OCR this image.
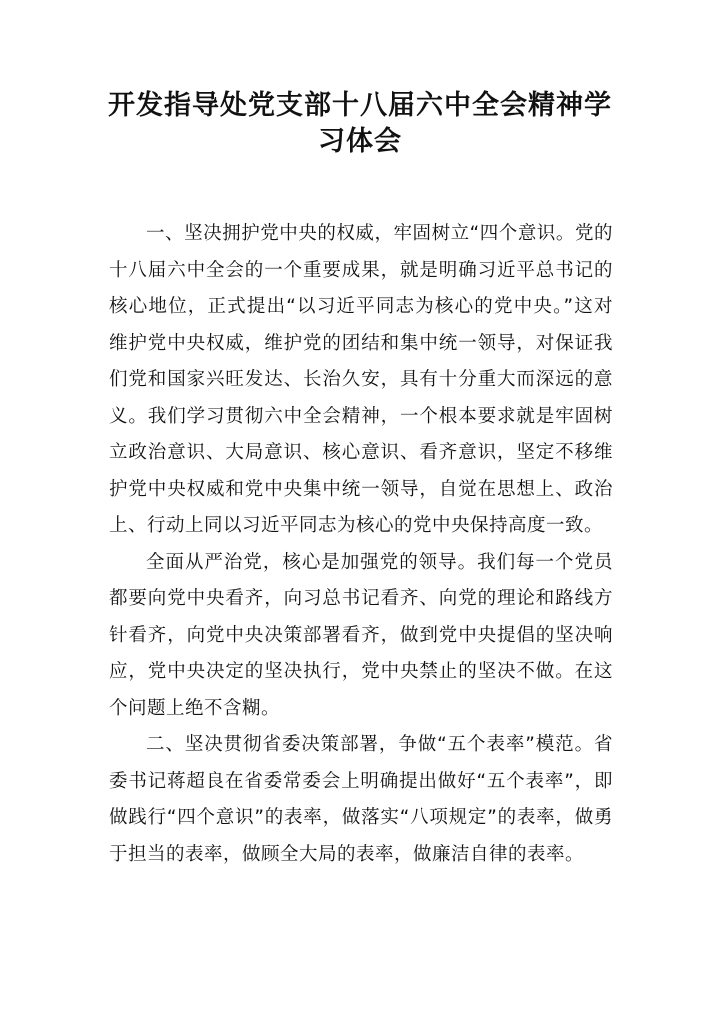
开发指导处党支部十八届六中全会精神学习体会

一、坚决拥护党中央的权威，牢固树立“四个意识。党的十八届六中全会的一个重要成果，就是明确习近平总书记的核心地位，正式提出“以习近平同志为核心的党中央。”这对维护党中央权威，维护党的团结和集中统一领导，对保证我们党和国家兴旺发达、长治久安，具有十分重大而深远的意义。我们学习贯彻六中全会精神，一个根本要求就是牢固树立政治意识、大局意识、核心意识、看齐意识，坚定不移维护党中央权威和党中央集中统一领导，自觉在思想上、政治上、行动上同以习近平同志为核心的党中央保持高度一致。

全面从严治党，核心是加强党的领导。我们每一个党员都要向党中央看齐，向习总书记看齐、向党的理论和路线方针看齐，向党中央决策部署看齐，做到党中央提倡的坚决响应，党中央决定的坚决执行，党中央禁止的坚决不做。在这个问题上绝不含糊。

二、坚决贯彻省委决策部署，争做“五个表率”模范。省委书记蒋超良在省委常委会上明确提出做好“五个表率”，即做践行“四个意识”的表率，做落实“八项规定”的表率，做勇于担当的表率，做顾全大局的表率，做廉洁自律的表率。
